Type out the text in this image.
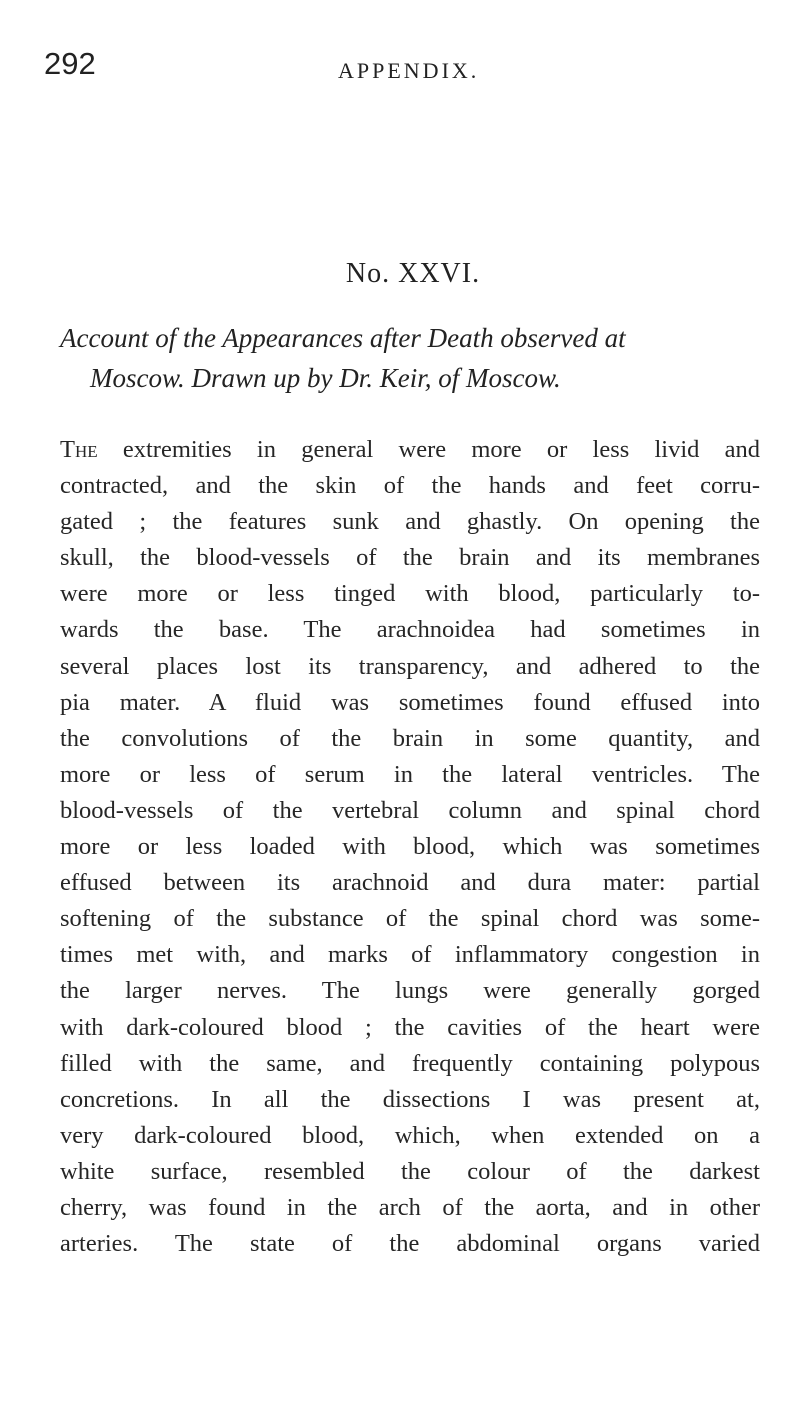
292	APPENDIX.
No. XXVI.
Account of the Appearances after Death observed at
Moscow. Drawn up by Dr. Keir, of Moscow.
The extremities in general were more or less livid and
contracted, and the skin of the hands and feet corru-
gated ; the features sunk and ghastly. On opening the
skull, the blood-vessels of the brain and its membranes
were more or less tinged with blood, particularly to-
wards the base. The arachnoidea had sometimes in
several places lost its transparency, and adhered to the
pia mater. A fluid was sometimes found effused into
the convolutions of the brain in some quantity, and
more or less of serum in the lateral ventricles. The
blood-vessels of the vertebral column and spinal chord
more or less loaded with blood, which was sometimes
effused between its arachnoid and dura mater: partial
softening of the substance of the spinal chord was some-
times met with, and marks of inflammatory congestion in
the larger nerves. The lungs were generally gorged
with dark-coloured blood ; the cavities of the heart were
filled with the same, and frequently containing polypous
concretions. In all the dissections I was present at,
very dark-coloured blood, which, when extended on a
white surface, resembled the colour of the darkest
cherry, was found in the arch of the aorta, and in other
arteries. The state of the abdominal organs varied
